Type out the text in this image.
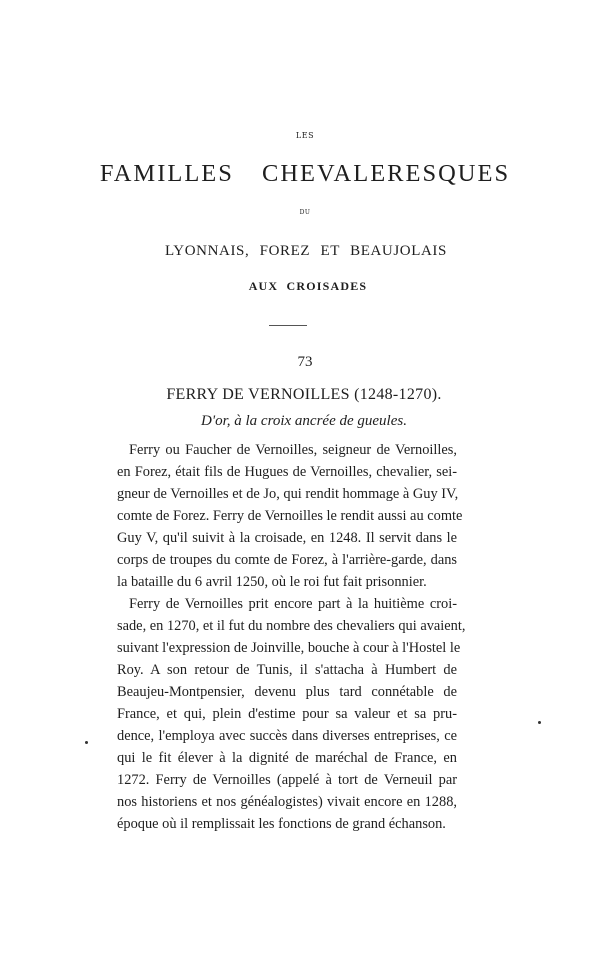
LES
FAMILLES CHEVALERESQUES
DU
LYONNAIS, FOREZ ET BEAUJOLAIS
AUX CROISADES
73
FERRY DE VERNOILLES (1248-1270).
D'or, à la croix ancrée de gueules.
Ferry ou Faucher de Vernoilles, seigneur de Vernoilles,
en Forez, était fils de Hugues de Vernoilles, chevalier, sei-
gneur de Vernoilles et de Jo, qui rendit hommage à Guy IV,
comte de Forez. Ferry de Vernoilles le rendit aussi au comte
Guy V, qu'il suivit à la croisade, en 1248. Il servit dans le
corps de troupes du comte de Forez, à l'arrière-garde, dans
la bataille du 6 avril 1250, où le roi fut fait prisonnier.
Ferry de Vernoilles prit encore part à la huitième croi-
sade, en 1270, et il fut du nombre des chevaliers qui avaient,
suivant l'expression de Joinville, bouche à cour à l'Hostel le
Roy. A son retour de Tunis, il s'attacha à Humbert de
Beaujeu-Montpensier, devenu plus tard connétable de
France, et qui, plein d'estime pour sa valeur et sa pru-
dence, l'employa avec succès dans diverses entreprises, ce
qui le fit élever à la dignité de maréchal de France, en
1272. Ferry de Vernoilles (appelé à tort de Verneuil par
nos historiens et nos généalogistes) vivait encore en 1288,
époque où il remplissait les fonctions de grand échanson.
